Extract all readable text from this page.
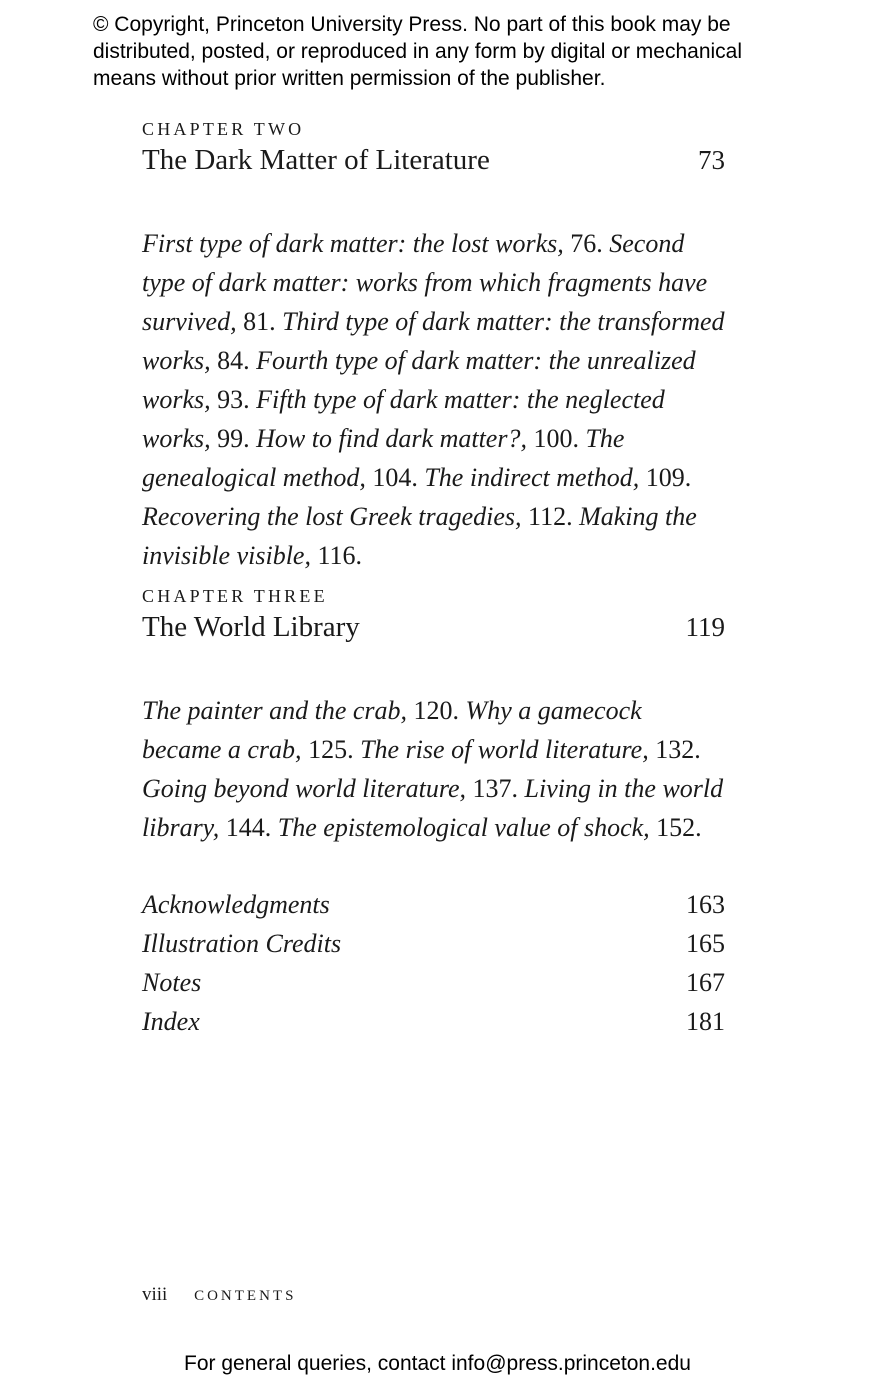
© Copyright, Princeton University Press. No part of this book may be
distributed, posted, or reproduced in any form by digital or mechanical
means without prior written permission of the publisher.
CHAPTER TWO
The Dark Matter of Literature	73

First type of dark matter: the lost works, 76. Second type of dark matter: works from which fragments have survived, 81. Third type of dark matter: the transformed works, 84. Fourth type of dark matter: the unrealized works, 93. Fifth type of dark matter: the neglected works, 99. How to find dark matter?, 100. The genealogical method, 104. The indirect method, 109. Recovering the lost Greek tragedies, 112. Making the invisible visible, 116.

CHAPTER THREE
The World Library	119

The painter and the crab, 120. Why a gamecock became a crab, 125. The rise of world literature, 132. Going beyond world literature, 137. Living in the world library, 144. The epistemological value of shock, 152.

Acknowledgments	163
Illustration Credits	165
Notes	167
Index	181
viii CONTENTS
For general queries, contact info@press.princeton.edu
